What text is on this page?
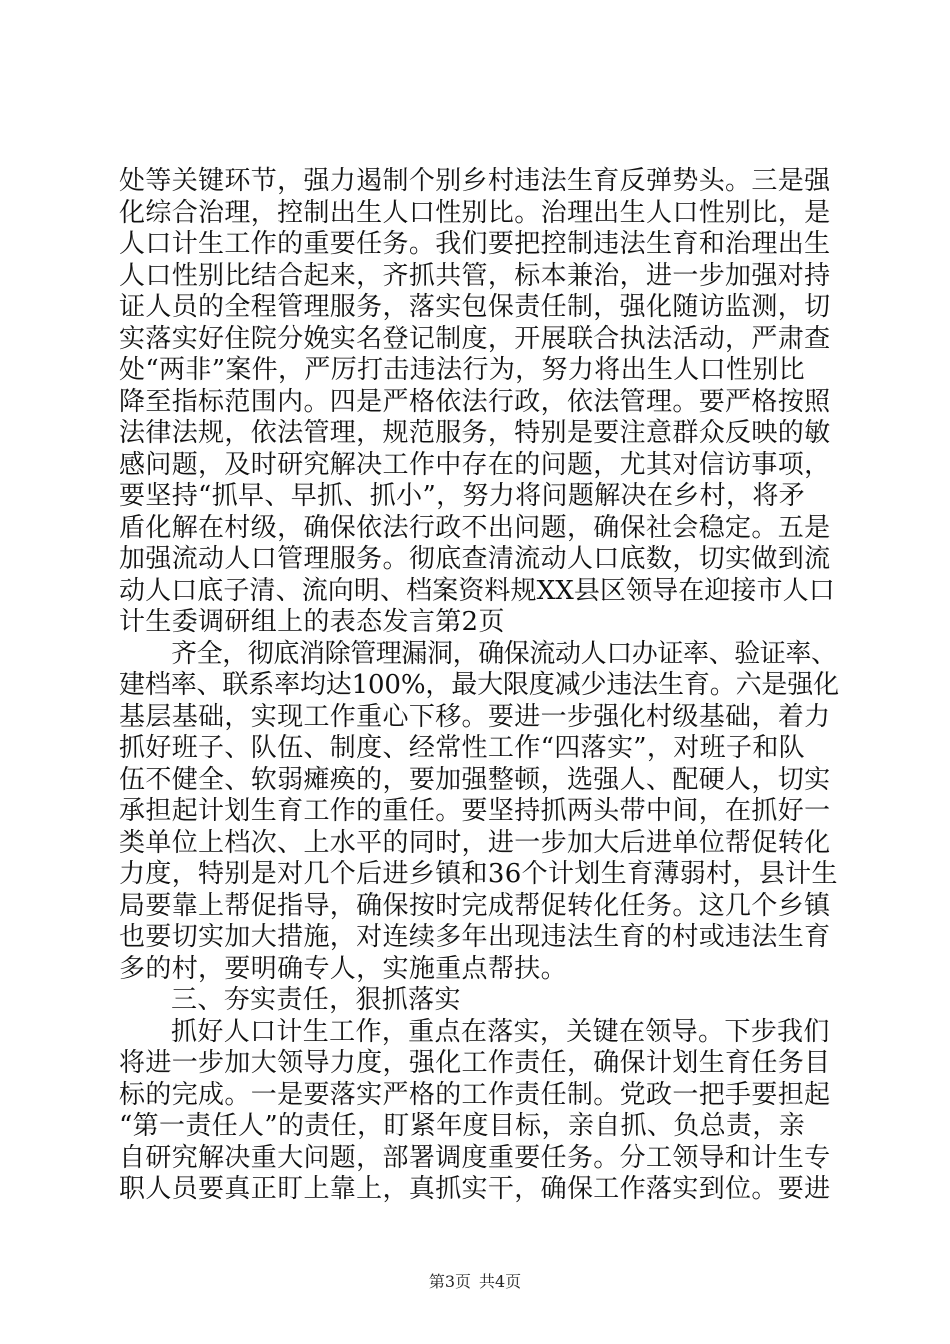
处等关键环节，强力遏制个别乡村违法生育反弹势头。三是强
化综合治理，控制出生人口性别比。治理出生人口性别比，是
人口计生工作的重要任务。我们要把控制违法生育和治理出生
人口性别比结合起来，齐抓共管，标本兼治，进一步加强对持
证人员的全程管理服务，落实包保责任制，强化随访监测，切
实落实好住院分娩实名登记制度，开展联合执法活动，严肃查
处“两非”案件，严厉打击违法行为，努力将出生人口性别比
降至指标范围内。四是严格依法行政，依法管理。要严格按照
法律法规，依法管理，规范服务，特别是要注意群众反映的敏
感问题，及时研究解决工作中存在的问题，尤其对信访事项，
要坚持“抓早、早抓、抓小”，努力将问题解决在乡村，将矛
盾化解在村级，确保依法行政不出问题，确保社会稳定。五是
加强流动人口管理服务。彻底查清流动人口底数，切实做到流
动人口底子清、流向明、档案资料规XX县区领导在迎接市人口
计生委调研组上的表态发言第2页
齐全，彻底消除管理漏洞，确保流动人口办证率、验证率、
建档率、联系率均达100%，最大限度减少违法生育。六是强化
基层基础，实现工作重心下移。要进一步强化村级基础，着力
抓好班子、队伍、制度、经常性工作“四落实”，对班子和队
伍不健全、软弱瘫痪的，要加强整顿，选强人、配硬人，切实
承担起计划生育工作的重任。要坚持抓两头带中间，在抓好一
类单位上档次、上水平的同时，进一步加大后进单位帮促转化
力度，特别是对几个后进乡镇和36个计划生育薄弱村，县计生
局要靠上帮促指导，确保按时完成帮促转化任务。这几个乡镇
也要切实加大措施，对连续多年出现违法生育的村或违法生育
多的村，要明确专人，实施重点帮扶。
三、夯实责任，狠抓落实
抓好人口计生工作，重点在落实，关键在领导。下步我们
将进一步加大领导力度，强化工作责任，确保计划生育任务目
标的完成。一是要落实严格的工作责任制。党政一把手要担起
“第一责任人”的责任，盯紧年度目标，亲自抓、负总责，亲
自研究解决重大问题，部署调度重要任务。分工领导和计生专
职人员要真正盯上靠上，真抓实干，确保工作落实到位。要进
第3页 共4页
